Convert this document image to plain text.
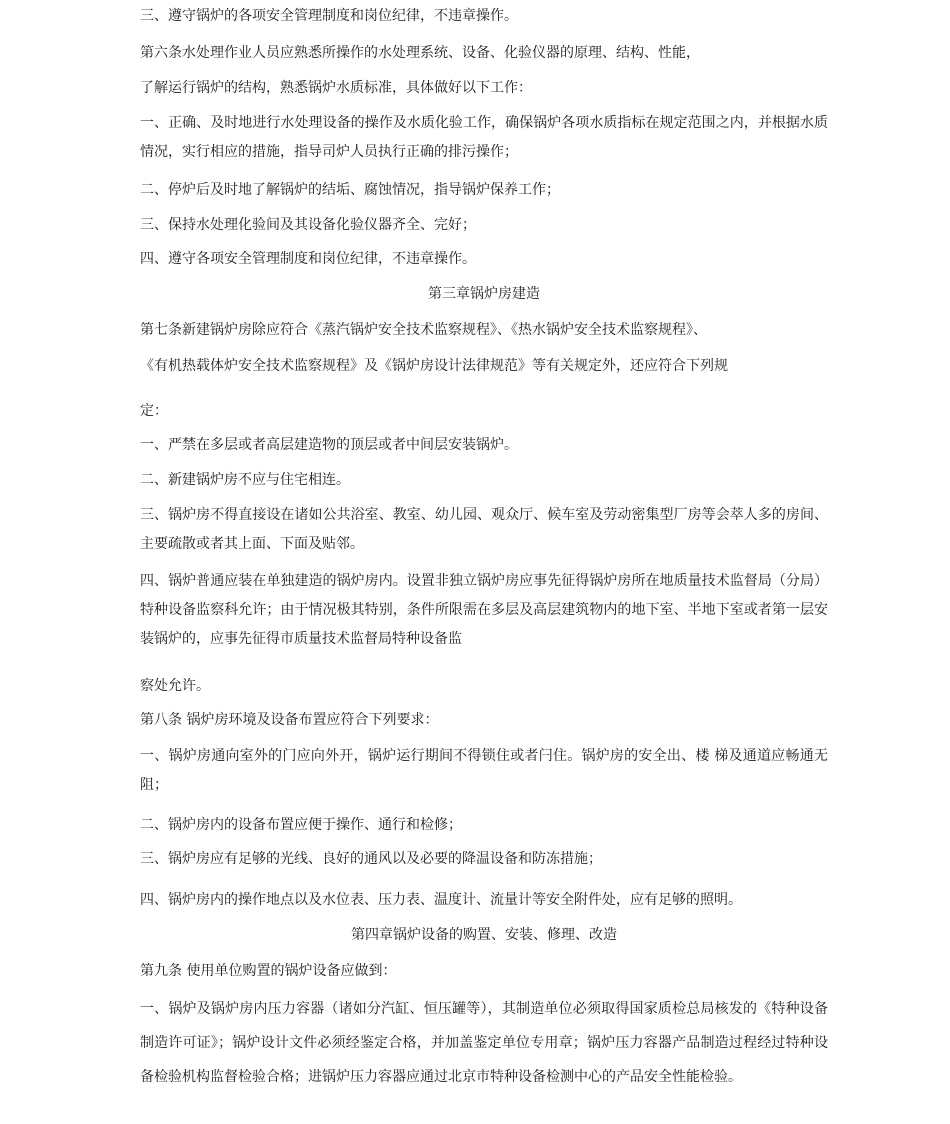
三、遵守锅炉的各项安全管理制度和岗位纪律，不违章操作。

第六条水处理作业人员应熟悉所操作的水处理系统、设备、化验仪器的原理、结构、性能，

了解运行锅炉的结构，熟悉锅炉水质标准，具体做好以下工作：

一、正确、及时地进行水处理设备的操作及水质化验工作，确保锅炉各项水质指标在规定范围之内，并根据水质情况，实行相应的措施，指导司炉人员执行正确的排污操作；

二、停炉后及时地了解锅炉的结垢、腐蚀情况，指导锅炉保养工作；

三、保持水处理化验间及其设备化验仪器齐全、完好；

四、遵守各项安全管理制度和岗位纪律，不违章操作。

第三章锅炉房建造

第七条新建锅炉房除应符合《蒸汽锅炉安全技术监察规程》、《热水锅炉安全技术监察规程》、

《有机热载体炉安全技术监察规程》及《锅炉房设计法律规范》等有关规定外，还应符合下列规

定：

一、严禁在多层或者高层建造物的顶层或者中间层安装锅炉。

二、新建锅炉房不应与住宅相连。

三、锅炉房不得直接设在诸如公共浴室、教室、幼儿园、观众厅、候车室及劳动密集型厂房等会萃人多的房间、主要疏散或者其上面、下面及贴邻。

四、锅炉普通应装在单独建造的锅炉房内。设置非独立锅炉房应事先征得锅炉房所在地质量技术监督局（分局）特种设备监察科允许；由于情况极其特别，条件所限需在多层及高层建筑物内的地下室、半地下室或者第一层安装锅炉的，应事先征得市质量技术监督局特种设备监

察处允许。

第八条 锅炉房环境及设备布置应符合下列要求：

一、锅炉房通向室外的门应向外开，锅炉运行期间不得锁住或者闩住。锅炉房的安全出、楼 梯及通道应畅通无阻；

二、锅炉房内的设备布置应便于操作、通行和检修；

三、锅炉房应有足够的光线、良好的通风以及必要的降温设备和防冻措施；

四、锅炉房内的操作地点以及水位表、压力表、温度计、流量计等安全附件处，应有足够的照明。

第四章锅炉设备的购置、安装、修理、改造

第九条 使用单位购置的锅炉设备应做到：

一、锅炉及锅炉房内压力容器（诸如分汽缸、恒压罐等），其制造单位必须取得国家质检总局核发的《特种设备制造许可证》；锅炉设计文件必须经鉴定合格，并加盖鉴定单位专用章；锅炉压力容器产品制造过程经过特种设备检验机构监督检验合格；进锅炉压力容器应通过北京市特种设备检测中心的产品安全性能检验。
